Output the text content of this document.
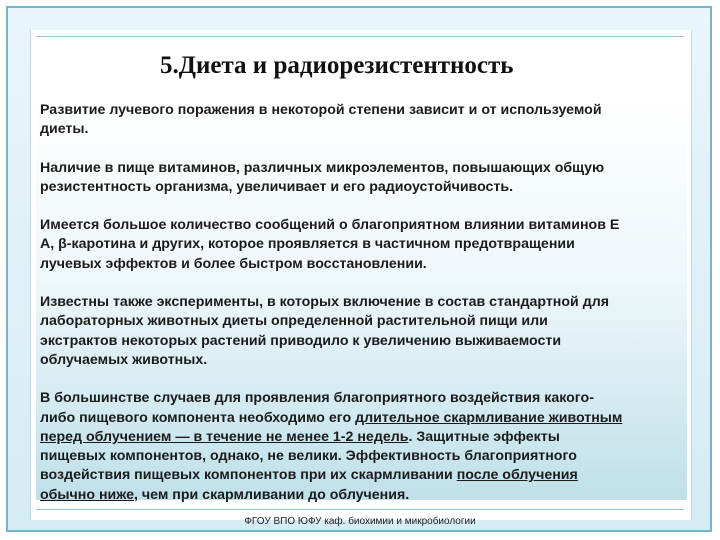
5.Диета и радиорезистентность

Развитие лучевого поражения в некоторой степени зависит и от используемой
диеты.

Наличие в пище витаминов, различных микроэлементов, повышающих общую
резистентность организма, увеличивает и его радиоустойчивость.

Имеется большое количество сообщений о благоприятном влиянии витаминов Е
А, β-каротина и других, которое проявляется в частичном предотвращении
лучевых эффектов и более быстром восстановлении.

Известны также эксперименты, в которых включение в состав стандартной для
лабораторных животных диеты определенной растительной пищи или
экстрактов некоторых растений приводило к увеличению выживаемости
облучаемых животных.

В большинстве случаев для проявления благоприятного воздействия какого-
либо пищевого компонента необходимо его длительное скармливание животным
перед облучением — в течение не менее 1-2 недель. Защитные эффекты
пищевых компонентов, однако, не велики. Эффективность благоприятного
воздействия пищевых компонентов при их скармливании после облучения
обычно ниже, чем при скармливании до облучения.

ФГОУ ВПО ЮФУ каф. биохимии и микробиологии
